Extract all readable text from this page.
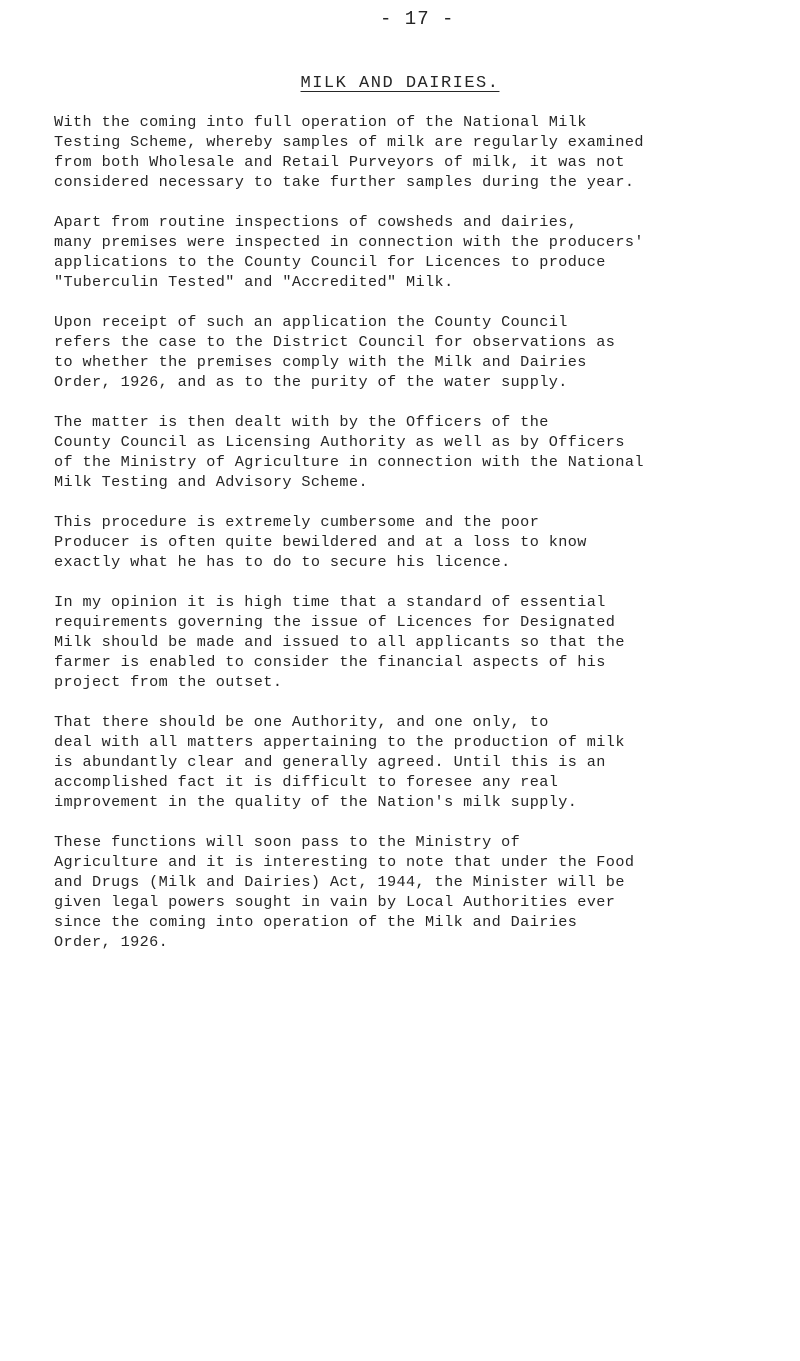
- 17 -
MILK AND DAIRIES.

With the coming into full operation of the National Milk
Testing Scheme, whereby samples of milk are regularly examined
from both Wholesale and Retail Purveyors of milk, it was not
considered necessary to take further samples during the year.

Apart from routine inspections of cowsheds and dairies,
many premises were inspected in connection with the producers'
applications to the County Council for Licences to produce
"Tuberculin Tested" and "Accredited" Milk.

Upon receipt of such an application the County Council
refers the case to the District Council for observations as
to whether the premises comply with the Milk and Dairies
Order, 1926, and as to the purity of the water supply.

The matter is then dealt with by the Officers of the
County Council as Licensing Authority as well as by Officers
of the Ministry of Agriculture in connection with the National
Milk Testing and Advisory Scheme.

This procedure is extremely cumbersome and the poor
Producer is often quite bewildered and at a loss to know
exactly what he has to do to secure his licence.

In my opinion it is high time that a standard of essential
requirements governing the issue of Licences for Designated
Milk should be made and issued to all applicants so that the
farmer is enabled to consider the financial aspects of his
project from the outset.

That there should be one Authority, and one only, to
deal with all matters appertaining to the production of milk
is abundantly clear and generally agreed. Until this is an
accomplished fact it is difficult to foresee any real
improvement in the quality of the Nation's milk supply.

These functions will soon pass to the Ministry of
Agriculture and it is interesting to note that under the Food
and Drugs (Milk and Dairies) Act, 1944, the Minister will be
given legal powers sought in vain by Local Authorities ever
since the coming into operation of the Milk and Dairies
Order, 1926.
